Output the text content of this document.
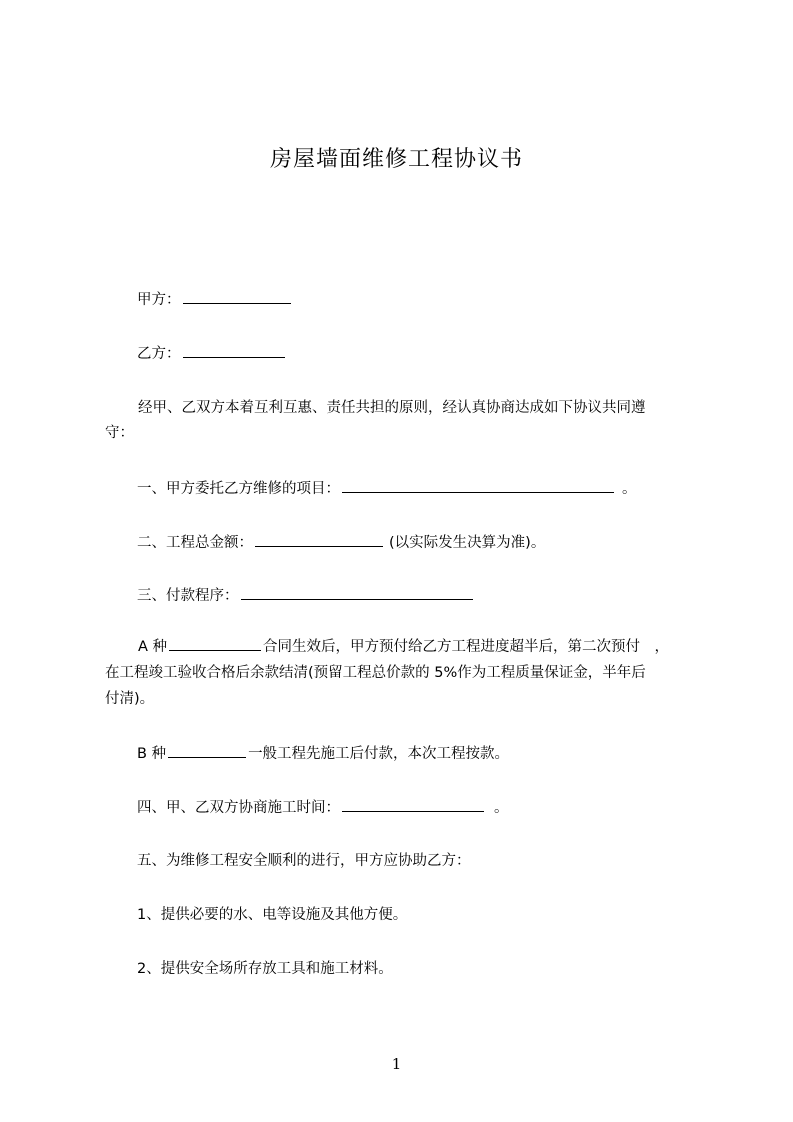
房屋墙面维修工程协议书
甲方：
乙方：
经甲、乙双方本着互利互惠、责任共担的原则，经认真协商达成如下协议共同遵
守：
一、甲方委托乙方维修的项目：	。
二、工程总金额：	(以实际发生决算为准)。
三、付款程序：
A 种	合同生效后，甲方预付给乙方工程进度超半后，第二次预付　，
在工程竣工验收合格后余款结清(预留工程总价款的 5%作为工程质量保证金，半年后
付清)。
B 种	一般工程先施工后付款，本次工程按款。
四、甲、乙双方协商施工时间：	。
五、为维修工程安全顺利的进行，甲方应协助乙方：
1、提供必要的水、电等设施及其他方便。
2、提供安全场所存放工具和施工材料。
1
